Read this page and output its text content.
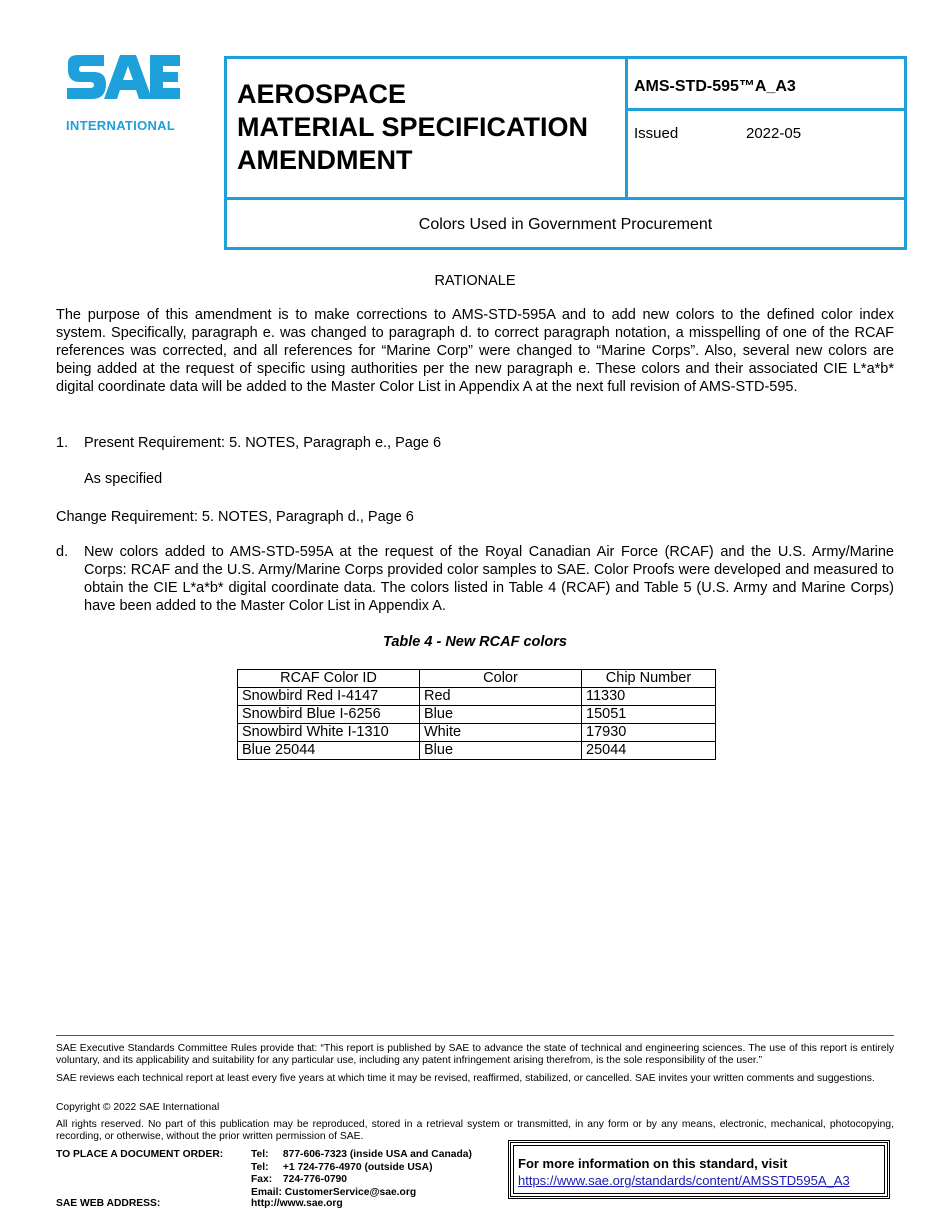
INTERNATIONAL
AEROSPACE
MATERIAL SPECIFICATION
AMENDMENT
AMS-STD-595™A_A3
Issued	2022-05
Colors Used in Government Procurement
RATIONALE
The purpose of this amendment is to make corrections to AMS-STD-595A and to add new colors to the defined color index system. Specifically, paragraph e. was changed to paragraph d. to correct paragraph notation, a misspelling of one of the RCAF references was corrected, and all references for “Marine Corp” were changed to “Marine Corps”. Also, several new colors are being added at the request of specific using authorities per the new paragraph e. These colors and their associated CIE L*a*b* digital coordinate data will be added to the Master Color List in Appendix A at the next full revision of AMS-STD-595.
1. Present Requirement: 5. NOTES, Paragraph e., Page 6
As specified
Change Requirement: 5. NOTES, Paragraph d., Page 6
d. New colors added to AMS-STD-595A at the request of the Royal Canadian Air Force (RCAF) and the U.S. Army/Marine Corps: RCAF and the U.S. Army/Marine Corps provided color samples to SAE. Color Proofs were developed and measured to obtain the CIE L*a*b* digital coordinate data. The colors listed in Table 4 (RCAF) and Table 5 (U.S. Army and Marine Corps) have been added to the Master Color List in Appendix A.
Table 4 - New RCAF colors
RCAF Color ID	Color	Chip Number
Snowbird Red I-4147	Red	11330
Snowbird Blue I-6256	Blue	15051
Snowbird White I-1310	White	17930
Blue 25044	Blue	25044
SAE Executive Standards Committee Rules provide that: “This report is published by SAE to advance the state of technical and engineering sciences. The use of this report is entirely voluntary, and its applicability and suitability for any particular use, including any patent infringement arising therefrom, is the sole responsibility of the user.”
SAE reviews each technical report at least every five years at which time it may be revised, reaffirmed, stabilized, or cancelled. SAE invites your written comments and suggestions.
Copyright © 2022 SAE International
All rights reserved. No part of this publication may be reproduced, stored in a retrieval system or transmitted, in any form or by any means, electronic, mechanical, photocopying, recording, or otherwise, without the prior written permission of SAE.
TO PLACE A DOCUMENT ORDER:	Tel: 877-606-7323 (inside USA and Canada)
Tel: +1 724-776-4970 (outside USA)
Fax: 724-776-0790
Email: CustomerService@sae.org
SAE WEB ADDRESS:	http://www.sae.org
For more information on this standard, visit
https://www.sae.org/standards/content/AMSSTD595A_A3
